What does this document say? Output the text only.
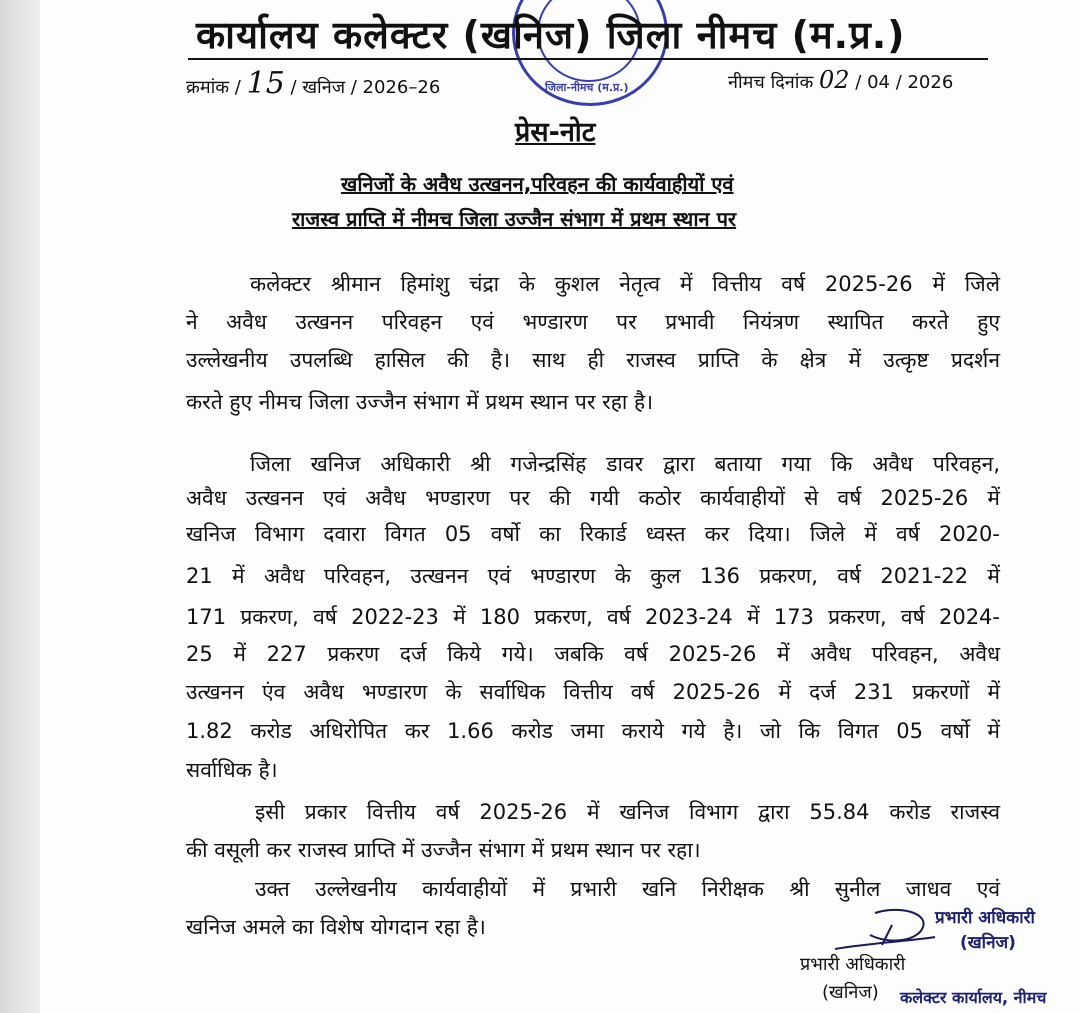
जिला-नीमच (म.प्र.)
कार्यालय कलेक्टर (खनिज) जिला नीमच (म.प्र.)
क्रमांक / 15 / खनिज / 2026–26	नीमच दिनांक 02 / 04 / 2026
प्रेस-नोट
खनिजों के अवैध उत्खनन,परिवहन की कार्यवाहीयों एवं
राजस्व प्राप्ति में नीमच जिला उज्जैन संभाग में प्रथम स्थान पर
कलेक्टर श्रीमान हिमांशु चंद्रा के कुशल नेतृत्व में वित्तीय वर्ष 2025-26 में जिले
ने अवैध उत्खनन परिवहन एवं भण्डारण पर प्रभावी नियंत्रण स्थापित करते हुए
उल्लेखनीय उपलब्धि हासिल की है। साथ ही राजस्व प्राप्ति के क्षेत्र में उत्कृष्ट प्रदर्शन
करते हुए नीमच जिला उज्जैन संभाग में प्रथम स्थान पर रहा है।
जिला खनिज अधिकारी श्री गजेन्द्रसिंह डावर द्वारा बताया गया कि अवैध परिवहन,
अवैध उत्खनन एवं अवैध भण्डारण पर की गयी कठोर कार्यवाहीयों से वर्ष 2025-26 में
खनिज विभाग दवारा विगत 05 वर्षो का रिकार्ड ध्वस्त कर दिया। जिले में वर्ष 2020-
21 में अवैध परिवहन, उत्खनन एवं भण्डारण के कुल 136 प्रकरण, वर्ष 2021-22 में
171 प्रकरण, वर्ष 2022-23 में 180 प्रकरण, वर्ष 2023-24 में 173 प्रकरण, वर्ष 2024-
25 में 227 प्रकरण दर्ज किये गये। जबकि वर्ष 2025-26 में अवैध परिवहन, अवैध
उत्खनन एंव अवैध भण्डारण के सर्वाधिक वित्तीय वर्ष 2025-26 में दर्ज 231 प्रकरणों में
1.82 करोड अधिरोपित कर 1.66 करोड जमा कराये गये है। जो कि विगत 05 वर्षो में
सर्वाधिक है।
इसी प्रकार वित्तीय वर्ष 2025-26 में खनिज विभाग द्वारा 55.84 करोड राजस्व
की वसूली कर राजस्व प्राप्ति में उज्जैन संभाग में प्रथम स्थान पर रहा।
उक्त उल्लेखनीय कार्यवाहीयों में प्रभारी खनि निरीक्षक श्री सुनील जाधव एवं
खनिज अमले का विशेष योगदान रहा है।
प्रभारी अधिकारी
(खनिज)
प्रभारी अधिकारी
(खनिज)
कलेक्टर कार्यालय, नीमच
